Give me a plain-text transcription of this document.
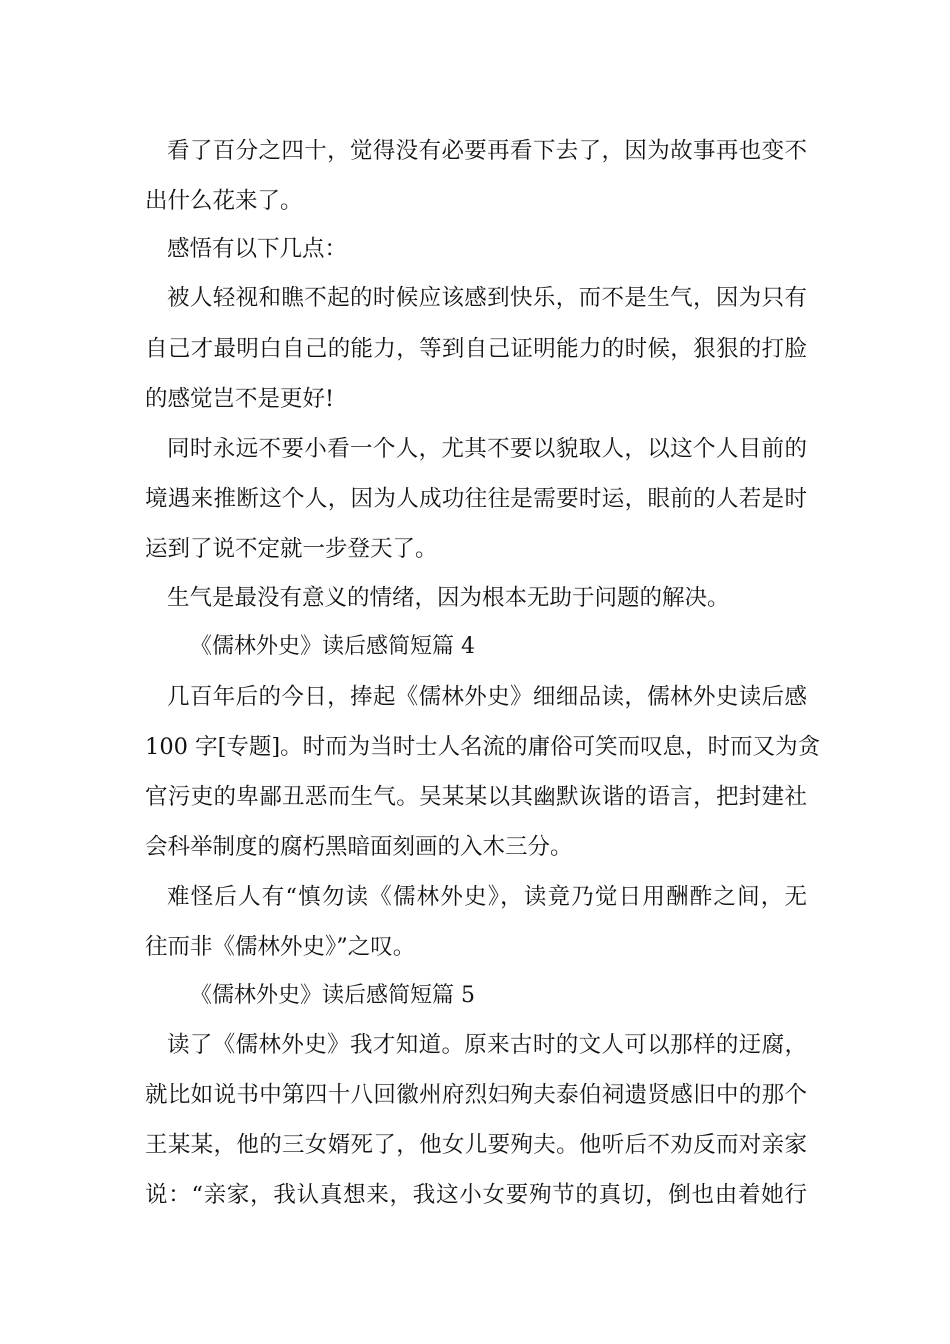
看了百分之四十，觉得没有必要再看下去了，因为故事再也变不
出什么花来了。
感悟有以下几点：
被人轻视和瞧不起的时候应该感到快乐，而不是生气，因为只有
自己才最明白自己的能力，等到自己证明能力的时候，狠狠的打脸
的感觉岂不是更好!
同时永远不要小看一个人，尤其不要以貌取人，以这个人目前的
境遇来推断这个人，因为人成功往往是需要时运，眼前的人若是时
运到了说不定就一步登天了。
生气是最没有意义的情绪，因为根本无助于问题的解决。
《儒林外史》读后感简短篇 4
几百年后的今日，捧起《儒林外史》细细品读，儒林外史读后感
100 字[专题]。时而为当时士人名流的庸俗可笑而叹息，时而又为贪
官污吏的卑鄙丑恶而生气。吴某某以其幽默诙谐的语言，把封建社
会科举制度的腐朽黑暗面刻画的入木三分。
难怪后人有“慎勿读《儒林外史》，读竟乃觉日用酬酢之间，无
往而非《儒林外史》”之叹。
《儒林外史》读后感简短篇 5
读了《儒林外史》我才知道。原来古时的文人可以那样的迂腐，
就比如说书中第四十八回徽州府烈妇殉夫泰伯祠遗贤感旧中的那个
王某某，他的三女婿死了，他女儿要殉夫。他听后不劝反而对亲家
说：“亲家，我认真想来，我这小女要殉节的真切，倒也由着她行
